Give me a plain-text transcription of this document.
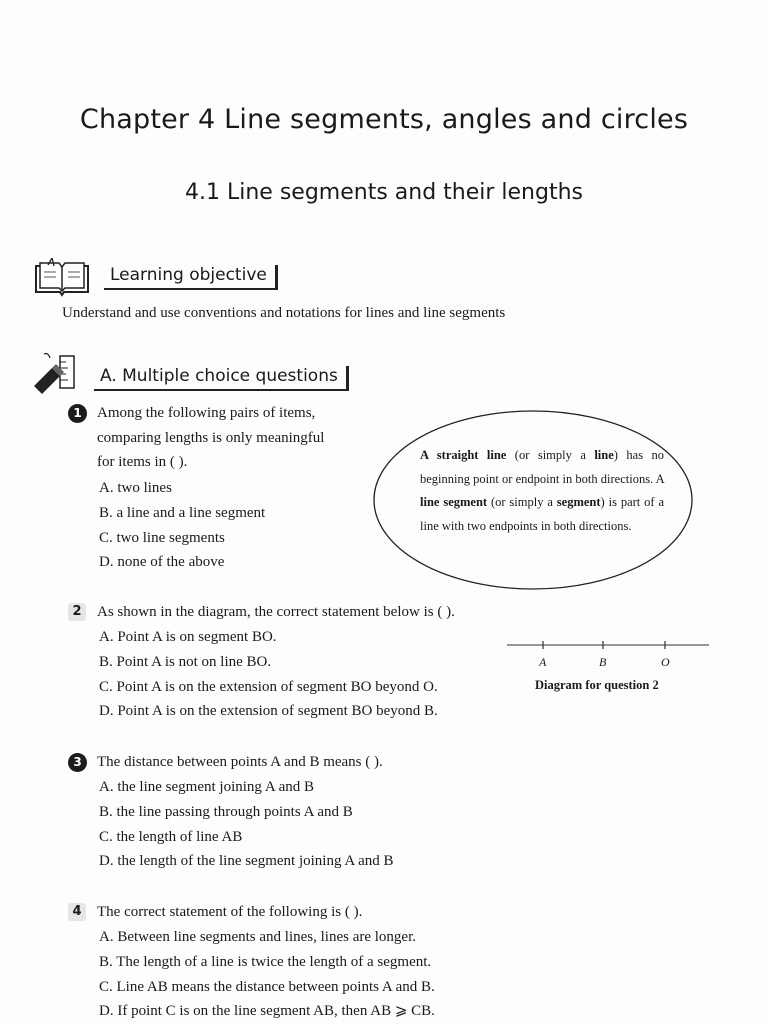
Chapter 4 Line segments, angles and circles
4.1 Line segments and their lengths
Learning objective
Understand and use conventions and notations for lines and line segments
A. Multiple choice questions
1	Among the following pairs of items,
comparing lengths is only meaningful
for items in ( ).
A. two lines
B. a line and a line segment
C. two line segments
D. none of the above
A straight line (or simply a line) has no beginning point or endpoint in both directions. A line segment (or simply a segment) is part of a line with two endpoints in both directions.
2 As shown in the diagram, the correct statement below is ( ).
A. Point A is on segment BO.
B. Point A is not on line BO.
C. Point A is on the extension of segment BO beyond O.
D. Point A is on the extension of segment BO beyond B.
A	B	O
Diagram for question 2
3	The distance between points A and B means ( ).
A. the line segment joining A and B
B. the line passing through points A and B
C. the length of line AB
D. the length of the line segment joining A and B
4 The correct statement of the following is ( ).
A. Between line segments and lines, lines are longer.
B. The length of a line is twice the length of a segment.
C. Line AB means the distance between points A and B.
D. If point C is on the line segment AB, then AB ⩾ CB.
